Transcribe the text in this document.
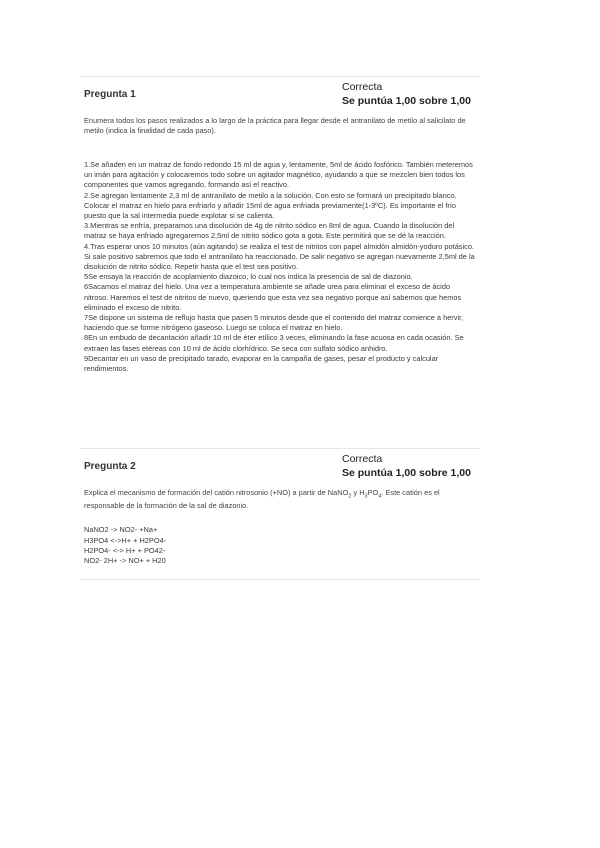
Pregunta 1
Correcta
Se puntúa 1,00 sobre 1,00
Enumera todos los pasos realizados a lo largo de la práctica para llegar desde el antranilato de metilo al salicilato de metilo (indica la finalidad de cada paso).

1.Se añaden en un matraz de fondo redondo 15 ml de agua y, lentamente, 5ml de ácido fosfórico. También meteremos un imán para agitación y colocaremos todo sobre un agitador magnético, ayudando a que se mezclen bien todos los componentes que vamos agregando, formando así el reactivo.

2.Se agregan lentamente 2,3 ml de antranilato de metilo a la solución. Con esto se formará un precipitado blanco. Colocar el matraz en hielo para enfriarlo y añadir 15ml de agua enfriada previamente(1-3ºC). Es importante el frío puesto que la sal intermedia puede explotar si se calienta.

3.Mientras se enfría, preparamos una disolución de 4g de nitrito sódico en 8ml de agua. Cuando la disolución del matraz se haya enfriado agregaremos 2,5ml de nitrito sódico gota a gota. Este permitirá que se dé la reacción.

4.Tras esperar unos 10 minutos (aún agitando) se realiza el test de nitritos con papel almidón almidón-yoduro potásico. Si sale positivo sabremos que todo el antranilato ha reaccionado. De salir negativo se agregan nuevamente 2,5ml de la disolución de nitrito sódico. Repetir hasta que el test sea positivo.

5Se ensaya la reacción de acoplamiento diazoico, lo cual nos indica la presencia de sal de diazonio.

6Sacamos el matraz del hielo. Una vez a temperatura ambiente se añade urea para eliminar el exceso de ácido nitroso. Haremos el test de nitritos de nuevo, queriendo que esta vez sea negativo porque así sabemos que hemos eliminado el exceso de nitrito.

7Se dispone un sistema de reflujo hasta que pasen 5 minutos desde que el contenido del matraz comience a hervir, haciendo que se forme nitrógeno gaseoso. Luego se coloca el matraz en hielo.

8En un embudo de decantación añadir 10 ml de éter etílico 3 veces, eliminando la fase acuosa en cada ocasión. Se extraen las fases etéreas con 10 ml de ácido clorhídrico. Se seca con sulfato sódico anhidro.

9Decantar en un vaso de precipitado tarado, evaporar en la campaña de gases, pesar el producto y calcular rendimientos.

Pregunta 2
Correcta
Se puntúa 1,00 sobre 1,00
Explica el mecanismo de formación del catión nitrosonio (+NO) a partir de NaNO$_2$ y $H_3PO_4$. Este catión es el responsable de la formación de la sal de diazonio.

NaNO2 -> NO2- +Na+

H3PO4 <->H+ + H2PO4-

H2PO4- <-> H+ + PO42-

NO2- 2H+ -> NO+ + H20
